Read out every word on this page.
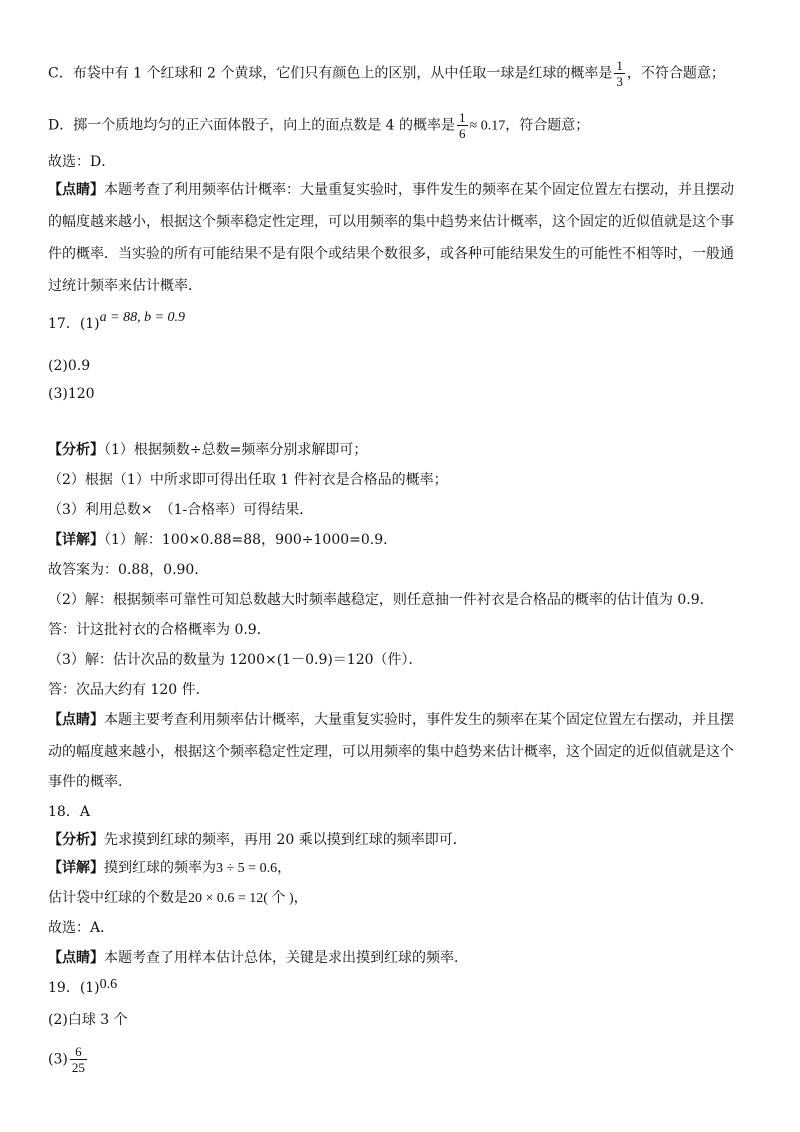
C．布袋中有 1 个红球和 2 个黄球，它们只有颜色上的区别，从中任取一球是红球的概率是 $\frac{1}{3}$ ，不符合题意；
D．掷一个质地均匀的正六面体骰子，向上的面点数是 4 的概率是 $\frac{1}{6} \approx 0.17$，符合题意；
故选：D．
【点睛】本题考查了利用频率估计概率：大量重复实验时，事件发生的频率在某个固定位置左右摆动，并且摆动
的幅度越来越小，根据这个频率稳定性定理，可以用频率的集中趋势来估计概率，这个固定的近似值就是这个事
件的概率．当实验的所有可能结果不是有限个或结果个数很多，或各种可能结果发生的可能性不相等时，一般通
过统计频率来估计概率．
17．(1)a = 88, b = 0.9
(2)0.9
(3)120
【分析】（1）根据频数÷总数=频率分别求解即可；
（2）根据（1）中所求即可得出任取 1 件衬衣是合格品的概率；
（3）利用总数×　（1-合格率）可得结果．
【详解】（1）解：100×0.88=88，900÷1000=0.9．
故答案为：0.88，0.90．
（2）解：根据频率可靠性可知总数越大时频率越稳定，则任意抽一件衬衣是合格品的概率的估计值为 0.9．
答：计这批衬衣的合格概率为 0.9．
（3）解：估计次品的数量为 1200×(1－0.9)＝120（件）．
答：次品大约有 120 件．
【点睛】本题主要考查利用频率估计概率，大量重复实验时，事件发生的频率在某个固定位置左右摆动，并且摆
动的幅度越来越小，根据这个频率稳定性定理，可以用频率的集中趋势来估计概率，这个固定的近似值就是这个
事件的概率．
18．A
【分析】先求摸到红球的频率，再用 20 乘以摸到红球的频率即可．
【详解】摸到红球的频率为3 ÷ 5 = 0.6，
估计袋中红球的个数是20 × 0.6 = 12( 个 )，
故选：A．
【点睛】本题考查了用样本估计总体，关键是求出摸到红球的频率．
19．(1)0.6
(2)白球 3 个
$(3) \frac{6}{25}$
